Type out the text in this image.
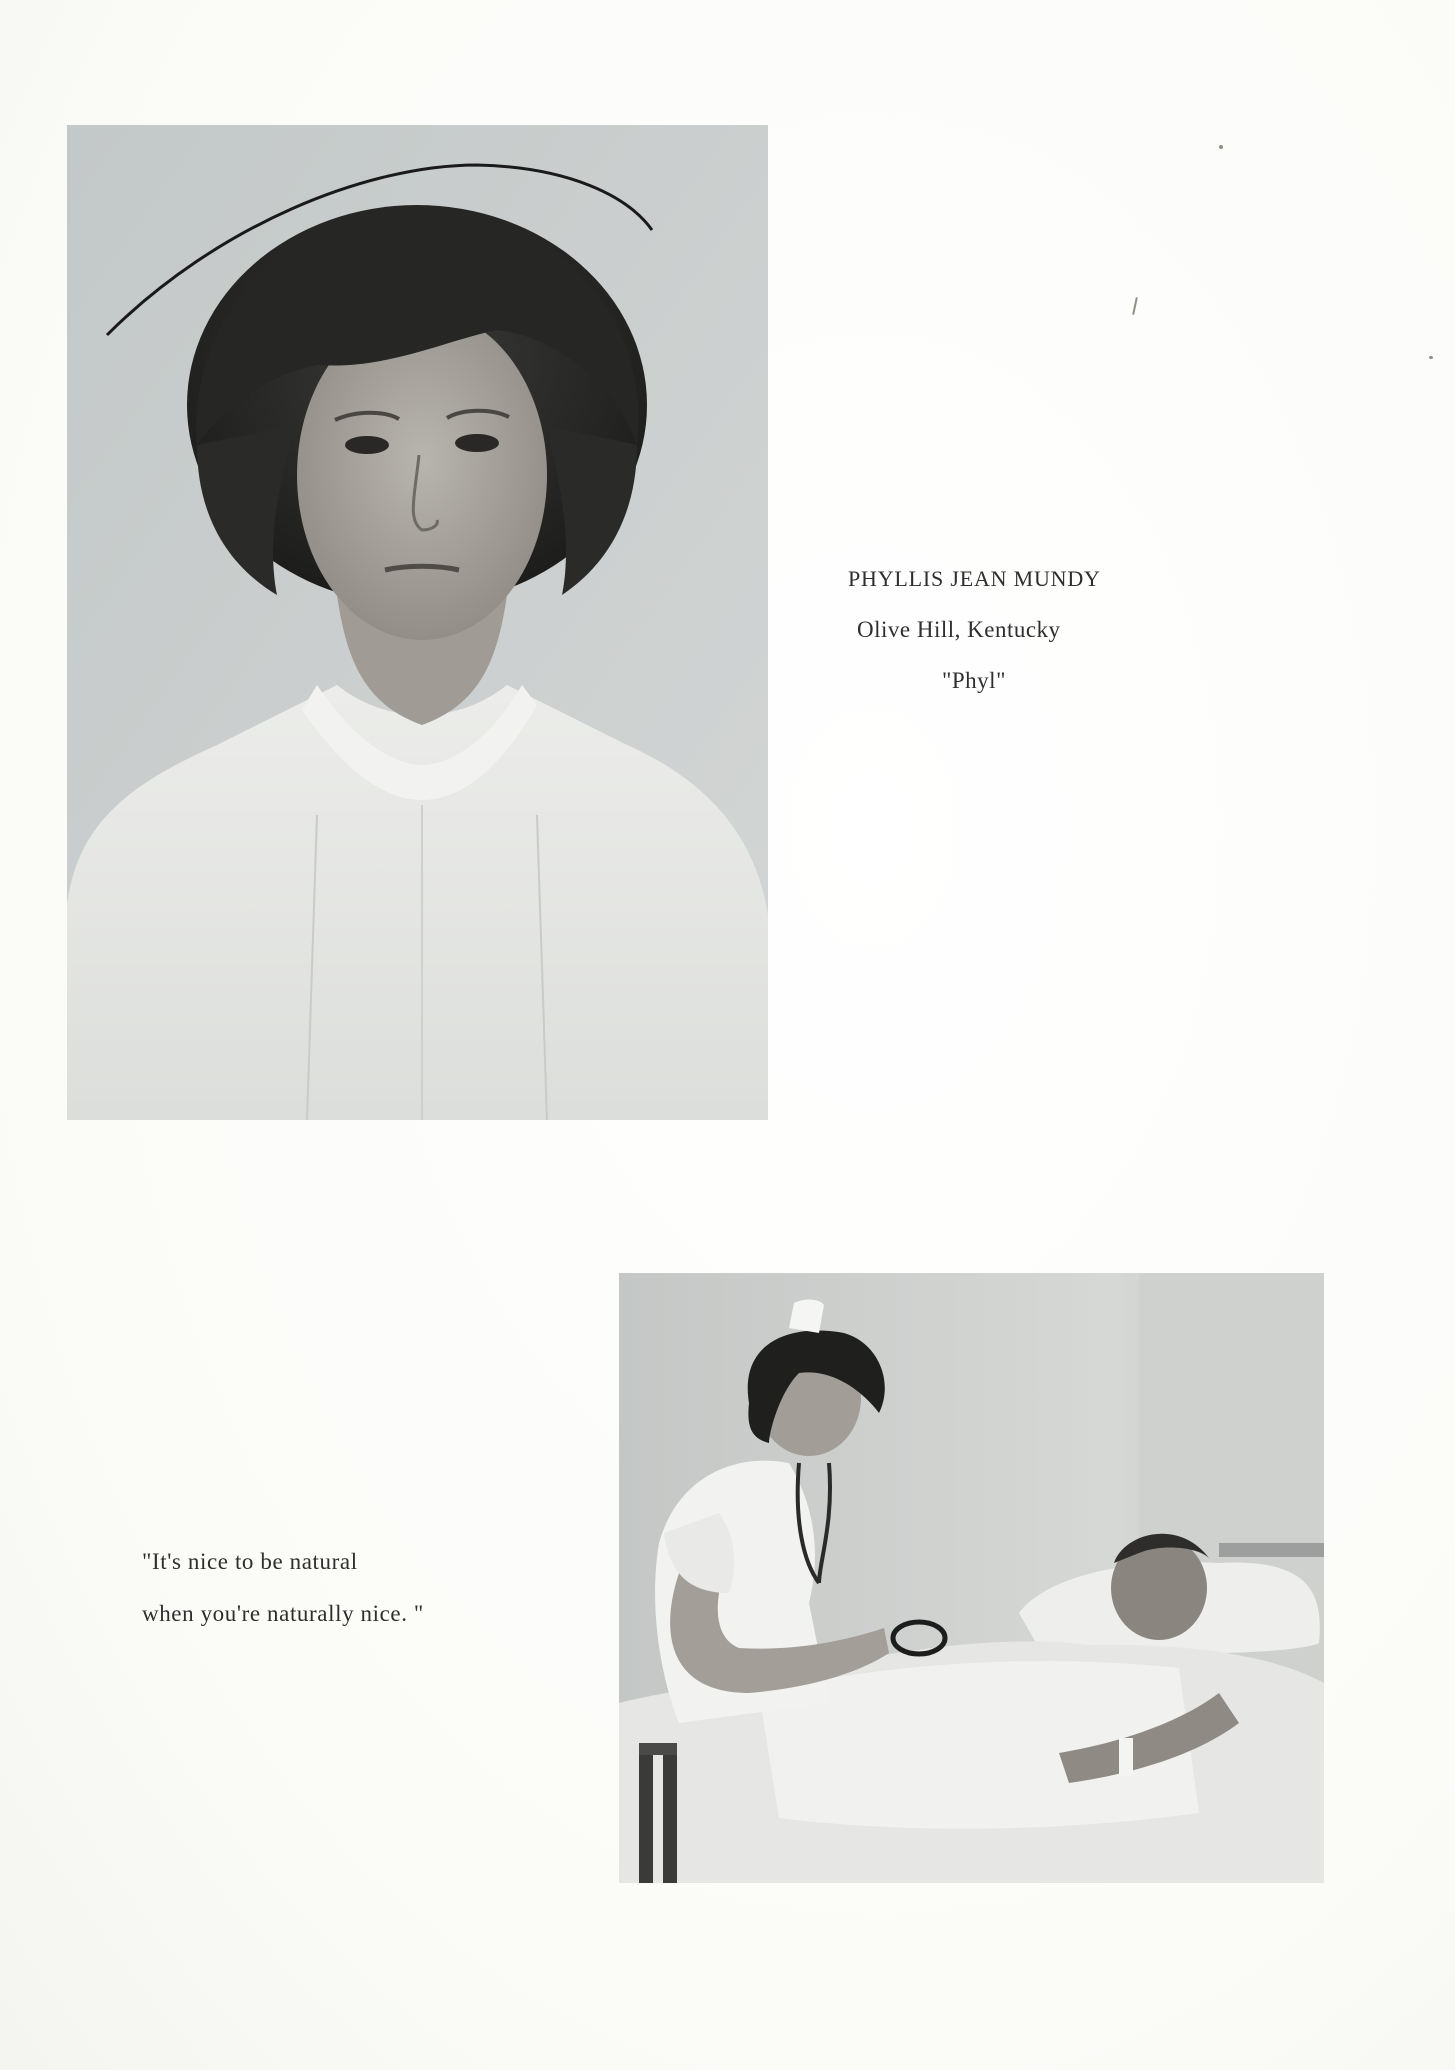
PHYLLIS JEAN MUNDY
Olive Hill, Kentucky
"Phyl"
"It's nice to be natural
when you're naturally nice. "
